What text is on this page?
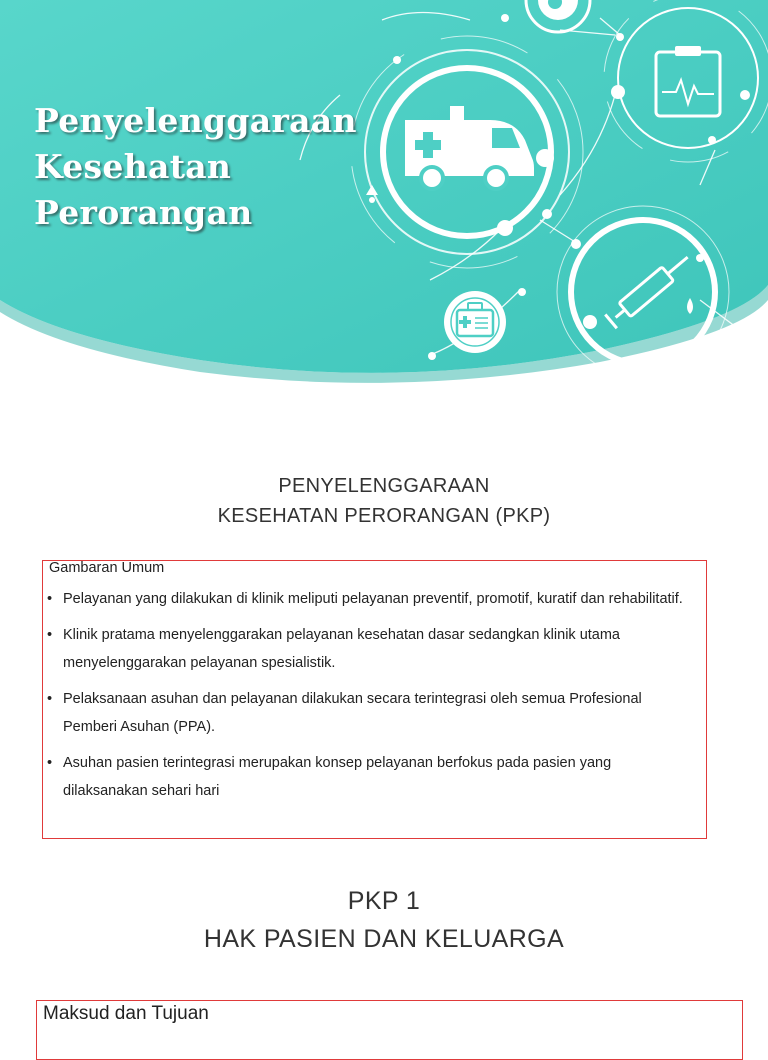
Penyelenggaraan
Kesehatan
Perorangan
PENYELENGGARAAN
KESEHATAN PERORANGAN (PKP)
Gambaran Umum
• Pelayanan yang dilakukan di klinik meliputi pelayanan preventif, promotif, kuratif dan rehabilitatif.
• Klinik pratama menyelenggarakan pelayanan kesehatan dasar sedangkan klinik utama menyelenggarakan pelayanan spesialistik.
• Pelaksanaan asuhan dan pelayanan dilakukan secara terintegrasi oleh semua Profesional Pemberi Asuhan (PPA).
• Asuhan pasien terintegrasi merupakan konsep pelayanan berfokus pada pasien yang dilaksanakan sehari hari
PKP 1
HAK PASIEN DAN KELUARGA
Maksud dan Tujuan
